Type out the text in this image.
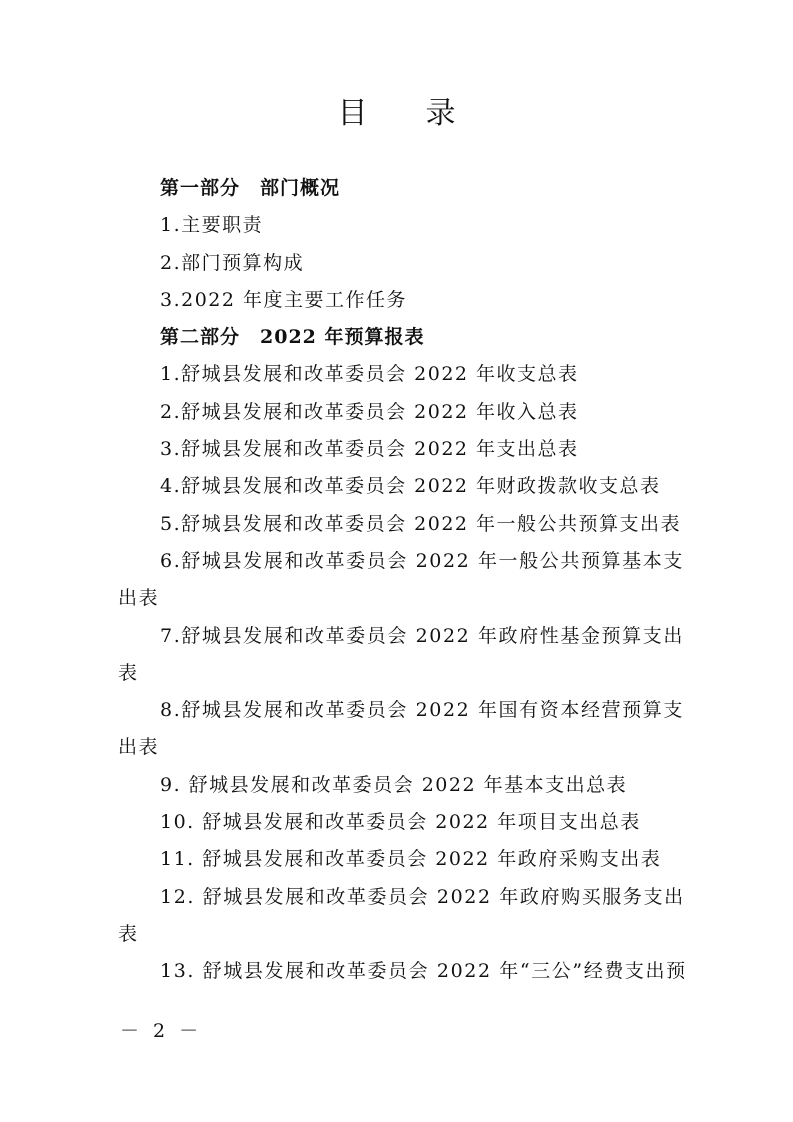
目 录
第一部分　部门概况
1.主要职责
2.部门预算构成
3.2022 年度主要工作任务
第二部分　2022 年预算报表
1.舒城县发展和改革委员会 2022 年收支总表
2.舒城县发展和改革委员会 2022 年收入总表
3.舒城县发展和改革委员会 2022 年支出总表
4.舒城县发展和改革委员会 2022 年财政拨款收支总表
5.舒城县发展和改革委员会 2022 年一般公共预算支出表
6.舒城县发展和改革委员会 2022 年一般公共预算基本支
出表
7.舒城县发展和改革委员会 2022 年政府性基金预算支出
表
8.舒城县发展和改革委员会 2022 年国有资本经营预算支
出表
9. 舒城县发展和改革委员会 2022 年基本支出总表
10. 舒城县发展和改革委员会 2022 年项目支出总表
11. 舒城县发展和改革委员会 2022 年政府采购支出表
12. 舒城县发展和改革委员会 2022 年政府购买服务支出
表
13. 舒城县发展和改革委员会 2022 年“三公”经费支出预
－ 2 －
